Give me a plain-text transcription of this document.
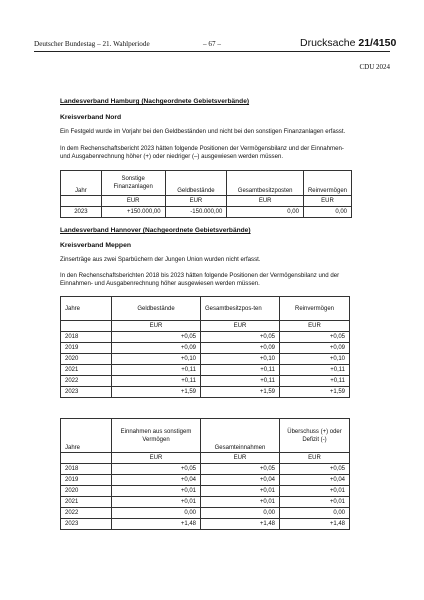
Deutscher Bundestag – 21. Wahlperiode	– 67 –	Drucksache 21/4150
CDU 2024
Landesverband Hamburg (Nachgeordnete Gebietsverbände)
Kreisverband Nord
Ein Festgeld wurde im Vorjahr bei den Geldbeständen und nicht bei den sonstigen Finanzanlagen erfasst.
In dem Rechenschaftsbericht 2023 hätten folgende Positionen der Vermögensbilanz und der Einnahmen-
und Ausgabenrechnung höher (+) oder niedriger (–) ausgewiesen werden müssen.
Jahr	Sonstige Finanzanlagen	Geldbestände	Gesamtbesitzposten	Reinvermögen
	EUR	EUR	EUR	EUR
2023	+150.000,00	-150.000,00	0,00	0,00
Landesverband Hannover (Nachgeordnete Gebietsverbände)
Kreisverband Meppen
Zinserträge aus zwei Sparbüchern der Jungen Union wurden nicht erfasst.
In den Rechenschaftsberichten 2018 bis 2023 hätten folgende Positionen der Vermögensbilanz und der
Einnahmen- und Ausgabenrechnung höher ausgewiesen werden müssen.
Jahre	Geldbestände	Gesamtbesitzpos-ten	Reinvermögen
	EUR	EUR	EUR
2018	+0,05	+0,05	+0,05
2019	+0,09	+0,09	+0,09
2020	+0,10	+0,10	+0,10
2021	+0,11	+0,11	+0,11
2022	+0,11	+0,11	+0,11
2023	+1,59	+1,59	+1,59
Jahre	Einnahmen aus sonstigem Vermögen	Gesamteinnahmen	Überschuss (+) oder Defizit (-)
	EUR	EUR	EUR
2018	+0,05	+0,05	+0,05
2019	+0,04	+0,04	+0,04
2020	+0,01	+0,01	+0,01
2021	+0,01	+0,01	+0,01
2022	0,00	0,00	0,00
2023	+1,48	+1,48	+1,48
